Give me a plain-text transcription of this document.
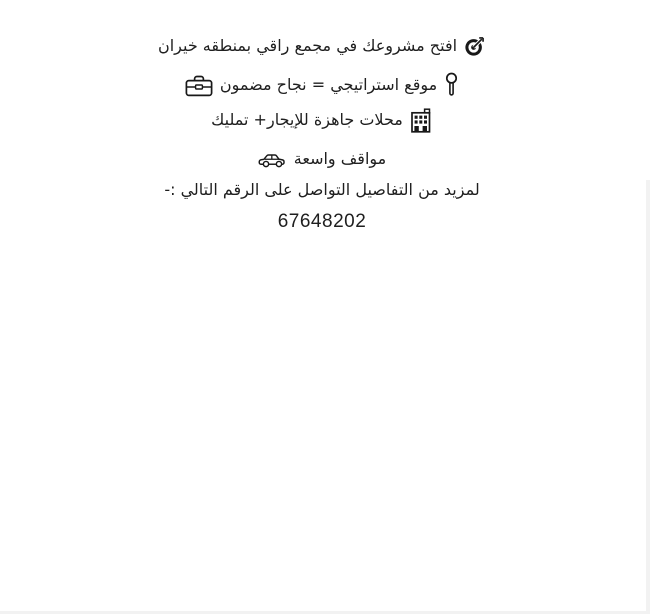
افتح مشروعك في مجمع راقي بمنطقه خيران
موقع استراتيجي = نجاح مضمون
محلات جاهزة للإيجار+ تمليك
مواقف واسعة
لمزيد من التفاصيل التواصل على الرقم التالي :-
67648202
